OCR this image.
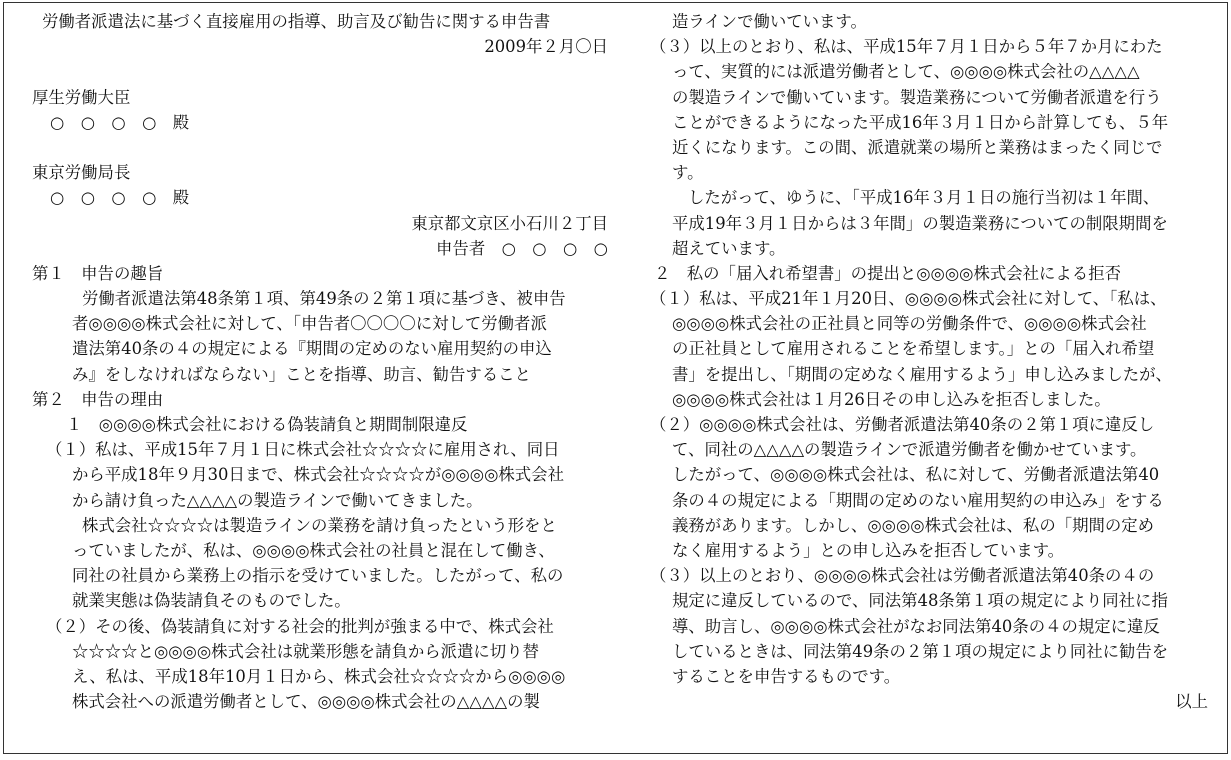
労働者派遣法に基づく直接雇用の指導、助言及び勧告に関する申告書
2009年２月〇日
厚生労働大臣
○　○　○　○　殿
東京労働局長
○　○　○　○　殿
東京都文京区小石川２丁目
申告者　○　○　○　○
第１　申告の趣旨
労働者派遣法第48条第１項、第49条の２第１項に基づき、被申告
者◎◎◎◎株式会社に対して、「申告者〇〇〇〇に対して労働者派
遣法第40条の４の規定による『期間の定めのない雇用契約の申込
み』をしなければならない」ことを指導、助言、勧告すること
第２　申告の理由
１　◎◎◎◎株式会社における偽装請負と期間制限違反
（１）私は、平成15年７月１日に株式会社☆☆☆☆に雇用され、同日
から平成18年９月30日まで、株式会社☆☆☆☆が◎◎◎◎株式会社
から請け負った△△△△の製造ラインで働いてきました。
株式会社☆☆☆☆は製造ラインの業務を請け負ったという形をと
っていましたが、私は、◎◎◎◎株式会社の社員と混在して働き、
同社の社員から業務上の指示を受けていました。したがって、私の
就業実態は偽装請負そのものでした。
（２）その後、偽装請負に対する社会的批判が強まる中で、株式会社
☆☆☆☆と◎◎◎◎株式会社は就業形態を請負から派遣に切り替
え、私は、平成18年10月１日から、株式会社☆☆☆☆から◎◎◎◎
株式会社への派遣労働者として、◎◎◎◎株式会社の△△△△の製
造ラインで働いています。
（３）以上のとおり、私は、平成15年７月１日から５年７か月にわた
って、実質的には派遣労働者として、◎◎◎◎株式会社の△△△△
の製造ラインで働いています。製造業務について労働者派遣を行う
ことができるようになった平成16年３月１日から計算しても、５年
近くになります。この間、派遣就業の場所と業務はまったく同じで
す。
したがって、ゆうに、「平成16年３月１日の施行当初は１年間、
平成19年３月１日からは３年間」の製造業務についての制限期間を
超えています。
２　私の「届入れ希望書」の提出と◎◎◎◎株式会社による拒否
（１）私は、平成21年１月20日、◎◎◎◎株式会社に対して、「私は、
◎◎◎◎株式会社の正社員と同等の労働条件で、◎◎◎◎株式会社
の正社員として雇用されることを希望します。」との「届入れ希望
書」を提出し、「期間の定めなく雇用するよう」申し込みましたが、
◎◎◎◎株式会社は１月26日その申し込みを拒否しました。
（２）◎◎◎◎株式会社は、労働者派遣法第40条の２第１項に違反し
て、同社の△△△△の製造ラインで派遣労働者を働かせています。
したがって、◎◎◎◎株式会社は、私に対して、労働者派遣法第40
条の４の規定による「期間の定めのない雇用契約の申込み」をする
義務があります。しかし、◎◎◎◎株式会社は、私の「期間の定め
なく雇用するよう」との申し込みを拒否しています。
（３）以上のとおり、◎◎◎◎株式会社は労働者派遣法第40条の４の
規定に違反しているので、同法第48条第１項の規定により同社に指
導、助言し、◎◎◎◎株式会社がなお同法第40条の４の規定に違反
しているときは、同法第49条の２第１項の規定により同社に勧告を
することを申告するものです。
以上
